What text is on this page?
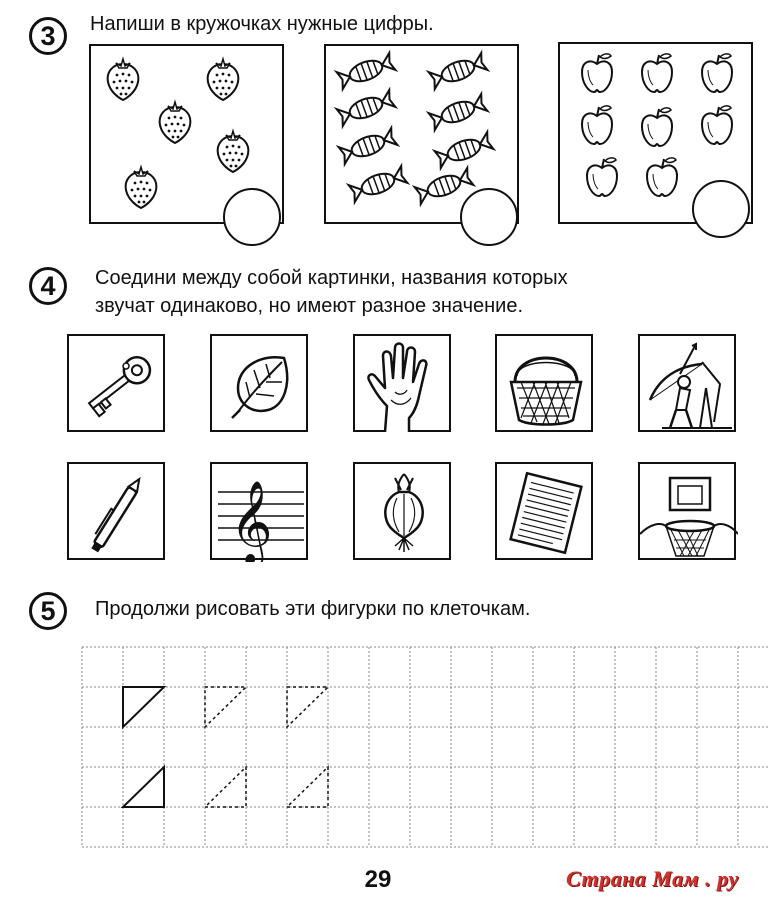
3	Напиши в кружочках нужные цифры.
4	Соедини между собой картинки, названия которых
звучат одинаково, но имеют разное значение.
𝄞
5	Продолжи рисовать эти фигурки по клеточкам.
29	Страна Мам . ру
